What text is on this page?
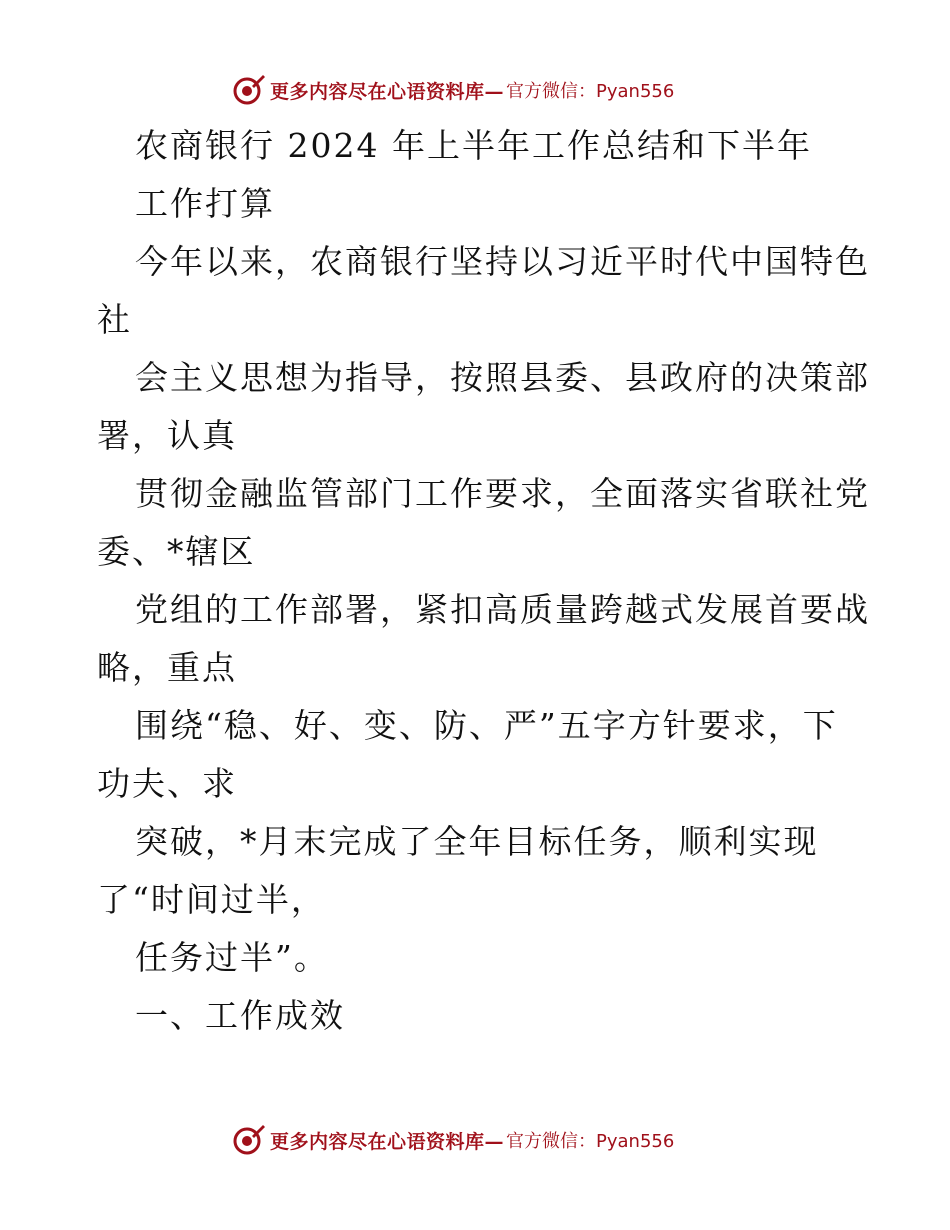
更多内容尽在心语资料库— 官方微信：Pyan556
农商银行 2024 年上半年工作总结和下半年
工作打算
今年以来，农商银行坚持以习近平时代中国特色
社
会主义思想为指导，按照县委、县政府的决策部
署，认真
贯彻金融监管部门工作要求，全面落实省联社党
委、*辖区
党组的工作部署，紧扣高质量跨越式发展首要战
略，重点
围绕“稳、好、变、防、严”五字方针要求，下
功夫、求
突破，*月末完成了全年目标任务，顺利实现
了“时间过半，
任务过半”。
一、工作成效
更多内容尽在心语资料库— 官方微信：Pyan556
